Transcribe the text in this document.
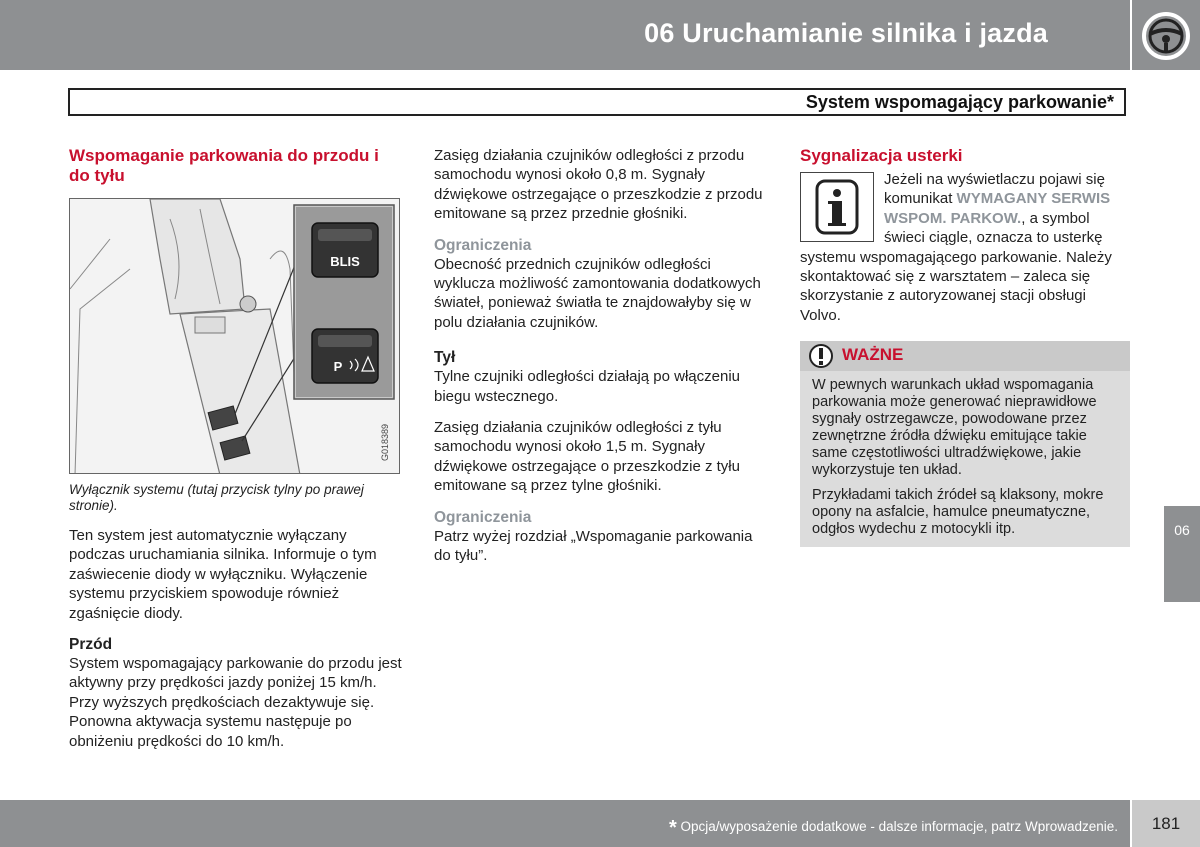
06 Uruchamianie silnika i jazda
System wspomagający parkowanie*
Wspomaganie parkowania do przodu i do tyłu
BLIS
P
G018389
Wyłącznik systemu (tutaj przycisk tylny po prawej stronie).

Ten system jest automatycznie wyłączany podczas uruchamiania silnika. Informuje o tym zaświecenie diody w wyłączniku. Wyłączenie systemu przyciskiem spowoduje również zgaśnięcie diody.

Przód

System wspomagający parkowanie do przodu jest aktywny przy prędkości jazdy poniżej 15 km/h. Przy wyższych prędkościach dezaktywuje się. Ponowna aktywacja systemu następuje po obniżeniu prędkości do 10 km/h.

Zasięg działania czujników odległości z przodu samochodu wynosi około 0,8 m. Sygnały dźwiękowe ostrzegające o przeszkodzie z przodu emitowane są przez przednie głośniki.

Ograniczenia

Obecność przednich czujników odległości wyklucza możliwość zamontowania dodatkowych świateł, ponieważ światła te znajdowałyby się w polu działania czujników.

Tył

Tylne czujniki odległości działają po włączeniu biegu wstecznego.

Zasięg działania czujników odległości z tyłu samochodu wynosi około 1,5 m. Sygnały dźwiękowe ostrzegające o przeszkodzie z tyłu emitowane są przez tylne głośniki.

Ograniczenia

Patrz wyżej rozdział „Wspomaganie parkowania do tyłu”.

Sygnalizacja usterki

Jeżeli na wyświetlaczu pojawi się komunikat WYMAGANY SERWIS WSPOM. PARKOW., a symbol świeci ciągle, oznacza to usterkę systemu wspomagającego parkowanie. Należy skontaktować się z warsztatem – zaleca się skorzystanie z autoryzowanej stacji obsługi Volvo.

WAŻNE

W pewnych warunkach układ wspomagania parkowania może generować nieprawidłowe sygnały ostrzegawcze, powodowane przez zewnętrzne źródła dźwięku emitujące takie same częstotliwości ultradźwiękowe, jakie wykorzystuje ten układ.

Przykładami takich źródeł są klaksony, mokre opony na asfalcie, hamulce pneumatyczne, odgłos wydechu z motocykli itp.	06
* Opcja/wyposażenie dodatkowe - dalsze informacje, patrz Wprowadzenie.	181
